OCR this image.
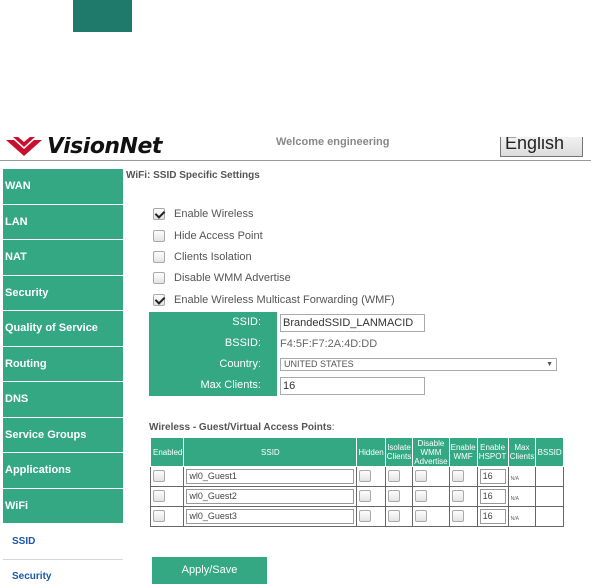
VisionNet	Welcome engineering	English
WAN
LAN
NAT
Security
Quality of Service
Routing
DNS
Service Groups
Applications
WiFi
SSID
Security
WiFi: SSID Specific Settings
Enable Wireless
Hide Access Point
Clients Isolation
Disable WMM Advertise
Enable Wireless Multicast Forwarding (WMF)
SSID:
BrandedSSID_LANMACID
BSSID:	F4:5F:F7:2A:4D:DD
Country:	UNITED STATES	▼
Max Clients:
16
Wireless - Guest/Virtual Access Points:
Enabled	SSID	Hidden	Isolate Clients	Disable WMM Advertise	Enable WMF	Enable HSPOT	Max Clients	BSSID

	wl0_Guest1					16	N/A	

	wl0_Guest2					16	N/A	

	wl0_Guest3					16	N/A	
Apply/Save
